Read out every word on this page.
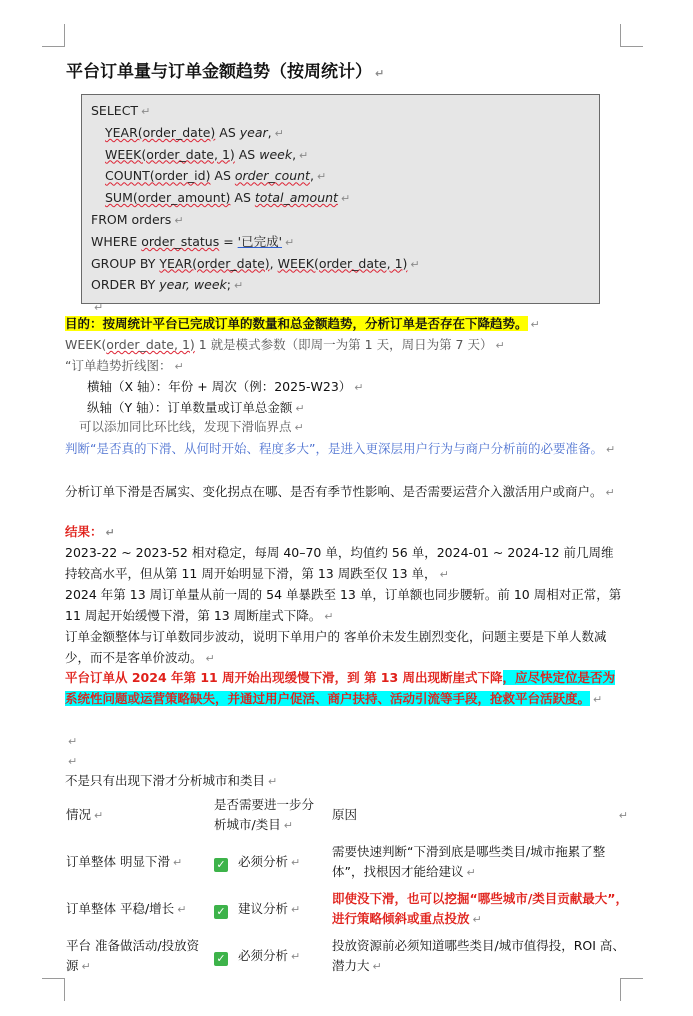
平台订单量与订单金额趋势（按周统计） ↵
SELECT ↵
YEAR(order_date) AS year, ↵
WEEK(order_date, 1) AS week, ↵
COUNT(order_id) AS order_count, ↵
SUM(order_amount) AS total_amount ↵
FROM orders ↵
WHERE order_status = '已完成' ↵
GROUP BY YEAR(order_date), WEEK(order_date, 1) ↵
ORDER BY year, week; ↵
↵
目的：按周统计平台已完成订单的数量和总金额趋势，分析订单是否存在下降趋势。 ↵
WEEK(order_date, 1) 1 就是模式参数（即周一为第 1 天，周日为第 7 天） ↵
“订单趋势折线图： ↵
横轴（X 轴）：年份 + 周次（例：2025-W23） ↵
纵轴（Y 轴）：订单数量或订单总金额 ↵
可以添加同比环比线，发现下滑临界点 ↵
判断“是否真的下滑、从何时开始、程度多大”，是进入更深层用户行为与商户分析前的必要准备。 ↵
分析订单下滑是否属实、变化拐点在哪、是否有季节性影响、是否需要运营介入激活用户或商户。 ↵
结果： ↵
2023-22 ~ 2023-52 相对稳定，每周 40–70 单，均值约 56 单，2024-01 ~ 2024-12 前几周维持较高水平，但从第 11 周开始明显下滑，第 13 周跌至仅 13 单， ↵
2024 年第 13 周订单量从前一周的 54 单暴跌至 13 单，订单额也同步腰斩。前 10 周相对正常，第 11 周起开始缓慢下滑，第 13 周断崖式下降。 ↵
订单金额整体与订单数同步波动，说明下单用户的 客单价未发生剧烈变化，问题主要是下单人数减少，而不是客单价波动。 ↵
平台订单从 2024 年第 11 周开始出现缓慢下滑，到 第 13 周出现断崖式下降，应尽快定位是否为系统性问题或运营策略缺失，并通过用户促活、商户扶持、活动引流等手段，抢救平台活跃度。 ↵
↵
↵
不是只有出现下滑才分析城市和类目 ↵
情况 ↵	是否需要进一步分析城市/类目 ↵	原因 ↵
订单整体 明显下滑 ↵	✓ 必须分析 ↵	需要快速判断“下滑到底是哪些类目/城市拖累了整体”，找根因才能给建议 ↵
订单整体 平稳/增长 ↵	✓ 建议分析 ↵	即使没下滑，也可以挖掘“哪些城市/类目贡献最大”，进行策略倾斜或重点投放 ↵
平台 准备做活动/投放资源 ↵	✓ 必须分析 ↵	投放资源前必须知道哪些类目/城市值得投，ROI 高、潜力大 ↵
